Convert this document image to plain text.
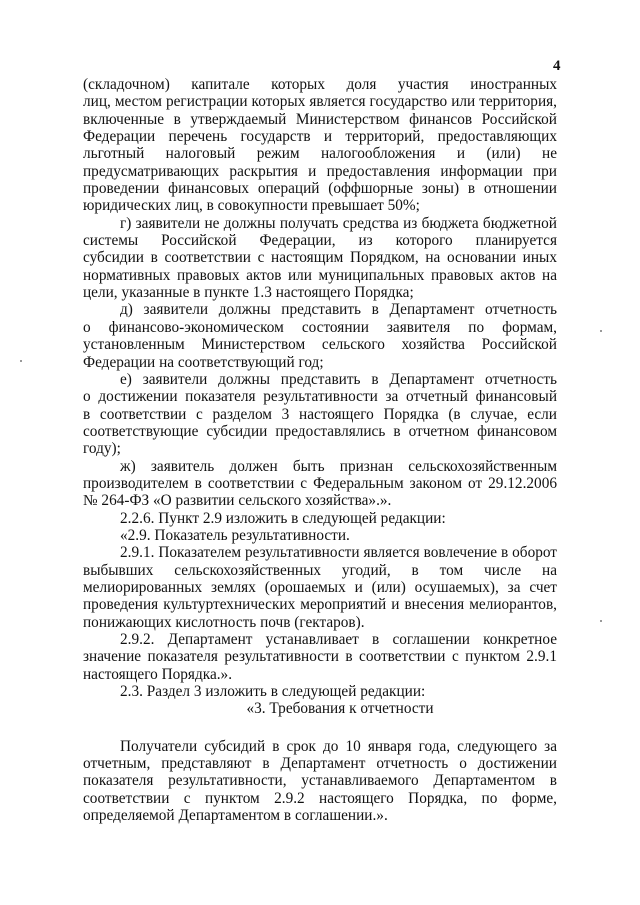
4
(складочном) капитале которых доля участия иностранных
лиц, местом регистрации которых является государство или территория,
включенные в утверждаемый Министерством финансов Российской
Федерации перечень государств и территорий, предоставляющих
льготный налоговый режим налогообложения и (или) не
предусматривающих раскрытия и предоставления информации при
проведении финансовых операций (оффшорные зоны) в отношении
юридических лиц, в совокупности превышает 50%;
г) заявители не должны получать средства из бюджета бюджетной
системы Российской Федерации, из которого планируется
субсидии в соответствии с настоящим Порядком, на основании иных
нормативных правовых актов или муниципальных правовых актов на
цели, указанные в пункте 1.3 настоящего Порядка;
д) заявители должны представить в Департамент отчетность
о финансово-экономическом состоянии заявителя по формам,
установленным Министерством сельского хозяйства Российской
Федерации на соответствующий год;
е) заявители должны представить в Департамент отчетность
о достижении показателя результативности за отчетный финансовый
в соответствии с разделом 3 настоящего Порядка (в случае, если
соответствующие субсидии предоставлялись в отчетном финансовом
году);
ж) заявитель должен быть признан сельскохозяйственным
производителем в соответствии с Федеральным законом от 29.12.2006
№ 264-ФЗ «О развитии сельского хозяйства».».
2.2.6. Пункт 2.9 изложить в следующей редакции:
«2.9. Показатель результативности.
2.9.1. Показателем результативности является вовлечение в оборот
выбывших сельскохозяйственных угодий, в том числе на
мелиорированных землях (орошаемых и (или) осушаемых), за счет
проведения культуртехнических мероприятий и внесения мелиорантов,
понижающих кислотность почв (гектаров).
2.9.2. Департамент устанавливает в соглашении конкретное
значение показателя результативности в соответствии с пунктом 2.9.1
настоящего Порядка.».
2.3. Раздел 3 изложить в следующей редакции:
«3. Требования к отчетности
Получатели субсидий в срок до 10 января года, следующего за
отчетным, представляют в Департамент отчетность о достижении
показателя результативности, устанавливаемого Департаментом в
соответствии с пунктом 2.9.2 настоящего Порядка, по форме,
определяемой Департаментом в соглашении.».
